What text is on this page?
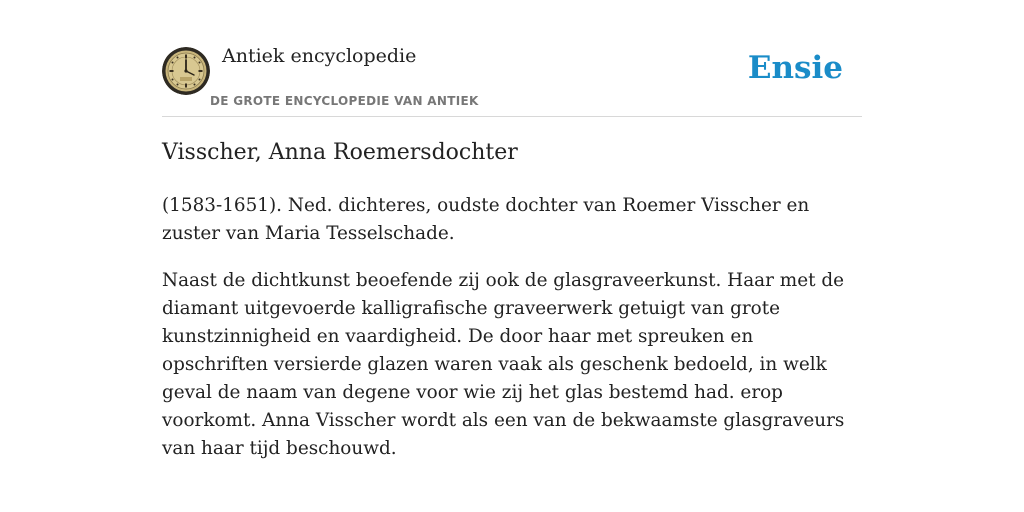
Antiek encyclopedie
DE GROTE ENCYCLOPEDIE VAN ANTIEK
Ensie
Visscher, Anna Roemersdochter

(1583-1651). Ned. dichteres, oudste dochter van Roemer Visscher en zuster van Maria Tesselschade.

Naast de dichtkunst beoefende zij ook de glasgraveerkunst. Haar met de diamant uitgevoerde kalligrafische graveerwerk getuigt van grote kunstzinnigheid en vaardigheid. De door haar met spreuken en opschriften versierde glazen waren vaak als geschenk bedoeld, in welk geval de naam van degene voor wie zij het glas bestemd had. erop voorkomt. Anna Visscher wordt als een van de bekwaamste glasgraveurs van haar tijd beschouwd.
